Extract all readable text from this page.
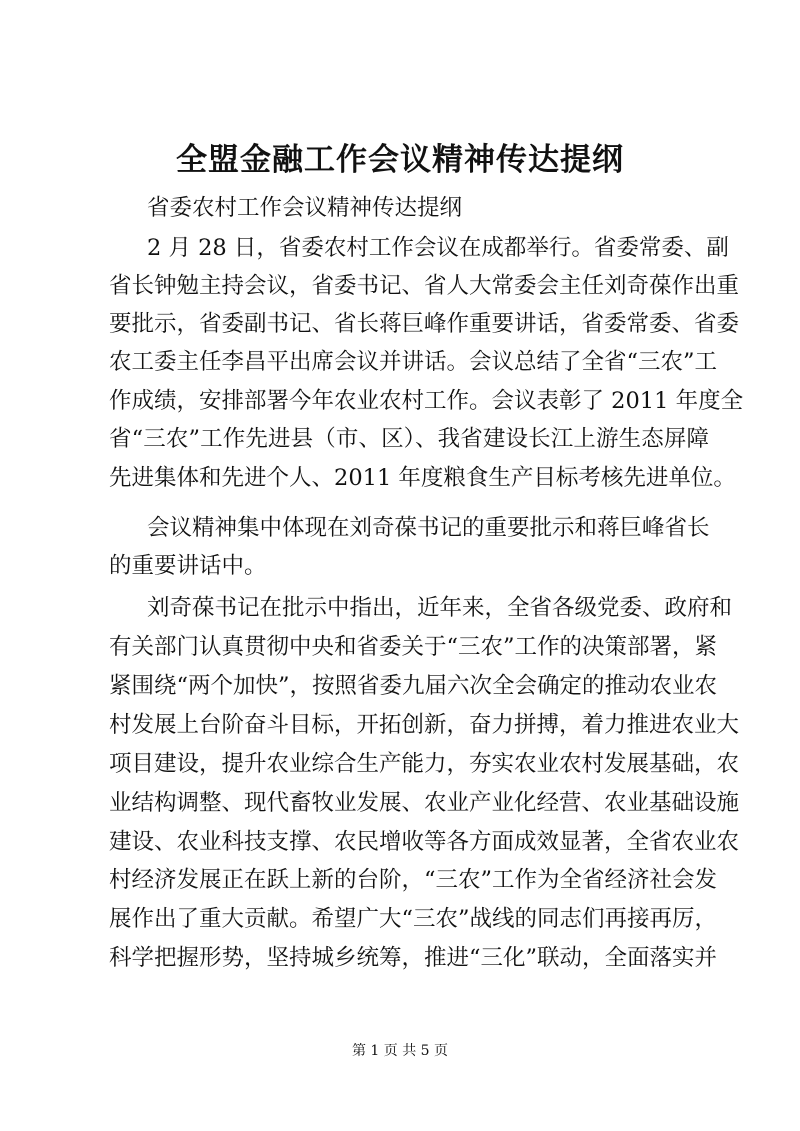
全盟金融工作会议精神传达提纲
省委农村工作会议精神传达提纲
2 月 28 日，省委农村工作会议在成都举行。省委常委、副
省长钟勉主持会议，省委书记、省人大常委会主任刘奇葆作出重
要批示，省委副书记、省长蒋巨峰作重要讲话，省委常委、省委
农工委主任李昌平出席会议并讲话。会议总结了全省“三农”工
作成绩，安排部署今年农业农村工作。会议表彰了 2011 年度全
省“三农”工作先进县（市、区）、我省建设长江上游生态屏障
先进集体和先进个人、2011 年度粮食生产目标考核先进单位。
会议精神集中体现在刘奇葆书记的重要批示和蒋巨峰省长
的重要讲话中。
刘奇葆书记在批示中指出，近年来，全省各级党委、政府和
有关部门认真贯彻中央和省委关于“三农”工作的决策部署，紧
紧围绕“两个加快”，按照省委九届六次全会确定的推动农业农
村发展上台阶奋斗目标，开拓创新，奋力拼搏，着力推进农业大
项目建设，提升农业综合生产能力，夯实农业农村发展基础，农
业结构调整、现代畜牧业发展、农业产业化经营、农业基础设施
建设、农业科技支撑、农民增收等各方面成效显著，全省农业农
村经济发展正在跃上新的台阶，“三农”工作为全省经济社会发
展作出了重大贡献。希望广大“三农”战线的同志们再接再厉，
科学把握形势，坚持城乡统筹，推进“三化”联动，全面落实并
第 1 页 共 5 页
